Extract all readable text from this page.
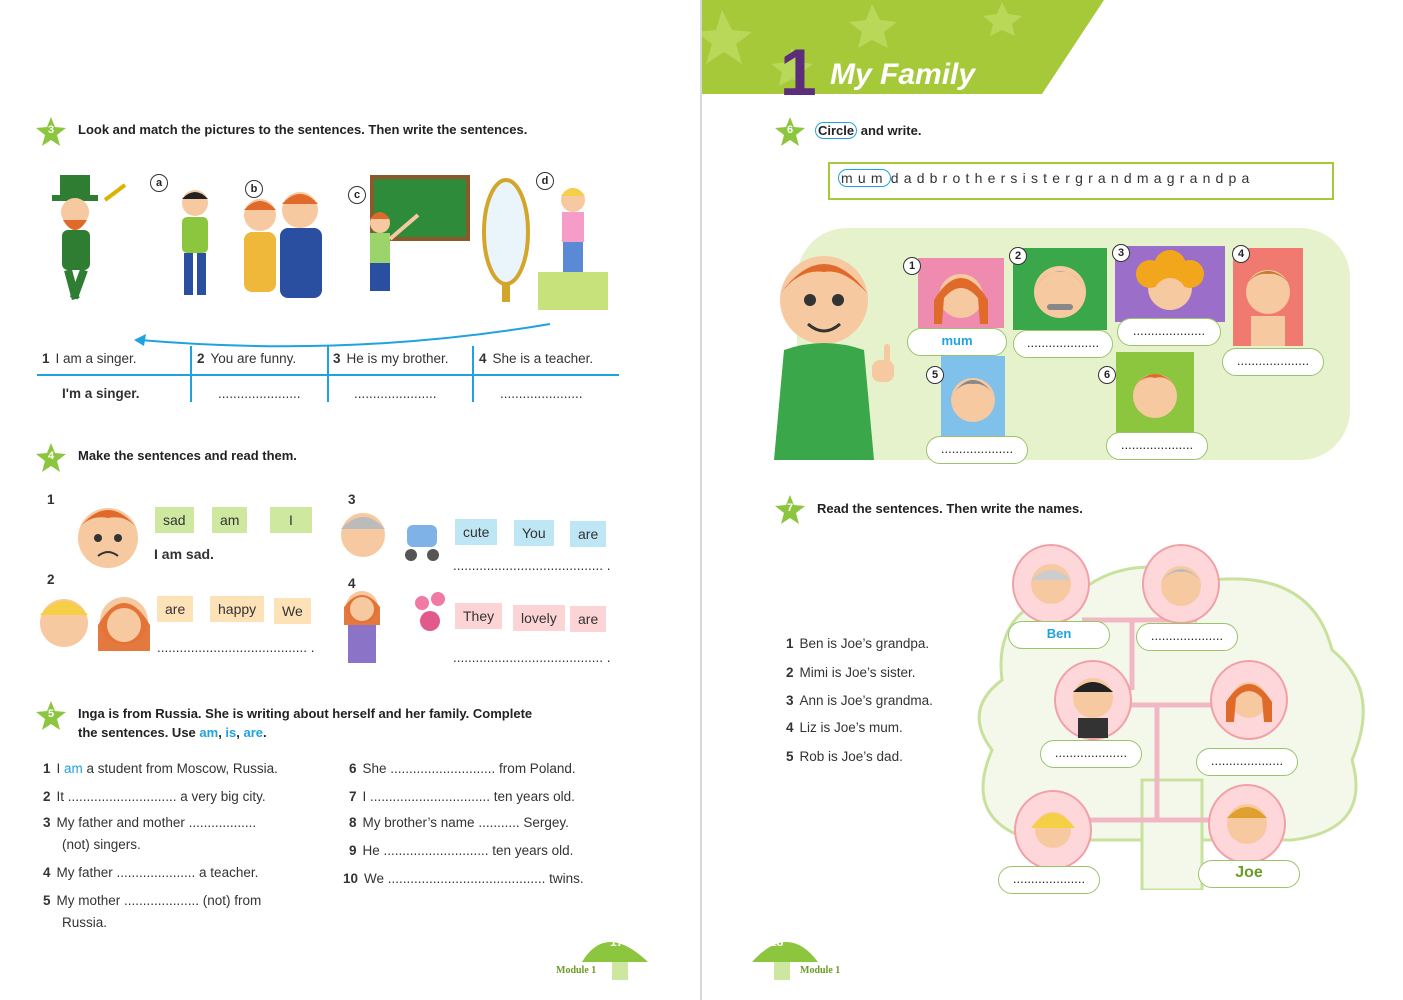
3	Look and match the pictures to the sentences. Then write the sentences.
a	b	c
d
1 I am a singer.	2 You are funny.	3 He is my brother. 4 She is a teacher.
I'm a singer.	......................	......................	......................
4	Make the sentences and read them.
1
sad	am	I
I am sad.
2
are	happy	We
........................................ .
3
cute	You	are
........................................ .
4
They	lovely	are
........................................ .
5	Inga is from Russia. She is writing about herself and her family. Complete
the sentences. Use am, is, are.
1 I am a student from Moscow, Russia.
2 It ............................. a very big city.
3 My father and mother ..................
(not) singers.
4 My father ..................... a teacher.
5 My mother .................... (not) from
Russia.
6 She ............................ from Poland.
7 I ................................ ten years old.
8 My brother’s name ........... Sergey.
9 He ............................ ten years old.
10 We .......................................... twins.
17
Module 1
1 My Family
6	Circle and write.
mum dadbrothersistergrandmagrandpa
1
2	3	4
5	6
mum	....................
....................
....................
....................	....................
7	Read the sentences. Then write the names.
1 Ben is Joe’s grandpa.
2 Mimi is Joe’s sister.
3 Ann is Joe’s grandma.
4 Liz is Joe’s mum.
5 Rob is Joe’s dad.
Ben	....................
....................
....................
....................	Joe
18
Module 1
